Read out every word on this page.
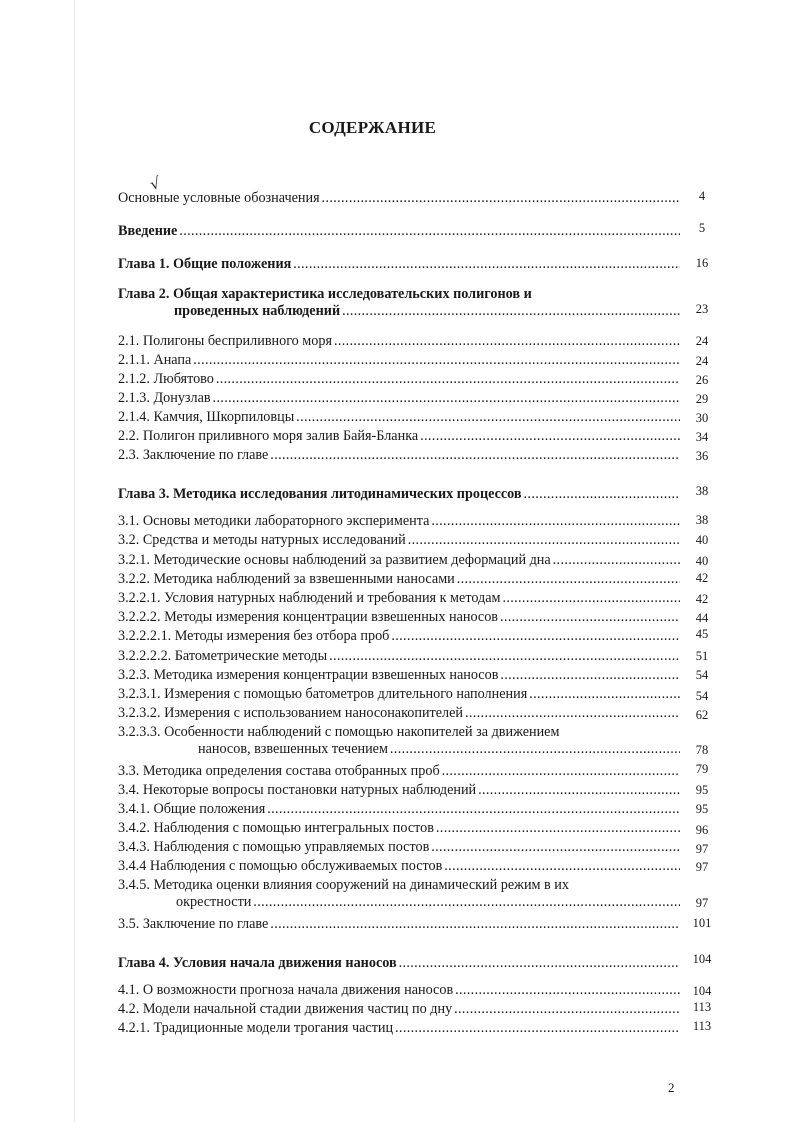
СОДЕРЖАНИЕ
√
Основные условные обозначения . . .	4
Введение . . .	5
Глава 1. Общие положения . . .	16
Глава 2. Общая характеристика исследовательских полигонов и
проведенных наблюдений . . .	23
2.1. Полигоны бесприливного моря . . .	24
2.1.1. Анапа . . .	24
2.1.2. Любятово . . .	26
2.1.3. Донузлав . . .	29
2.1.4. Камчия, Шкорпиловцы . . .	30
2.2. Полигон приливного моря залив Байя-Бланка . . .	34
2.3. Заключение по главе . . .	36
Глава 3. Методика исследования литодинамических процессов . . .	38
3.1. Основы методики лабораторного эксперимента . . .	38
3.2. Средства и методы натурных исследований . . .	40
3.2.1. Методические основы наблюдений за развитием деформаций дна . . .	40
3.2.2. Методика наблюдений за взвешенными наносами . . .	42
3.2.2.1. Условия натурных наблюдений и требования к методам . . .	42
3.2.2.2. Методы измерения концентрации взвешенных наносов . . .	44
3.2.2.2.1. Методы измерения без отбора проб . . .	45
3.2.2.2.2. Батометрические методы . . .	51
3.2.3. Методика измерения концентрации взвешенных наносов . . .	54
3.2.3.1. Измерения с помощью батометров длительного наполнения . . .	54
3.2.3.2. Измерения с использованием наносонакопителей . . .	62
3.2.3.3. Особенности наблюдений с помощью накопителей за движением
наносов, взвешенных течением . . .	78
3.3. Методика определения состава отобранных проб . . .	79
3.4. Некоторые вопросы постановки натурных наблюдений . . .	95
3.4.1. Общие положения . . .	95
3.4.2. Наблюдения с помощью интегральных постов . . .	96
3.4.3. Наблюдения с помощью управляемых постов . . .	97
3.4.4 Наблюдения с помощью обслуживаемых постов . . .	97
3.4.5. Методика оценки влияния сооружений на динамический режим в их
окрестности . . .	97
3.5. Заключение по главе . . .	101
Глава 4. Условия начала движения наносов . . .	104
4.1. О возможности прогноза начала движения наносов . . .	104
4.2. Модели начальной стадии движения частиц по дну . . .	113
4.2.1. Традиционные модели трогания частиц . . .	113
2
